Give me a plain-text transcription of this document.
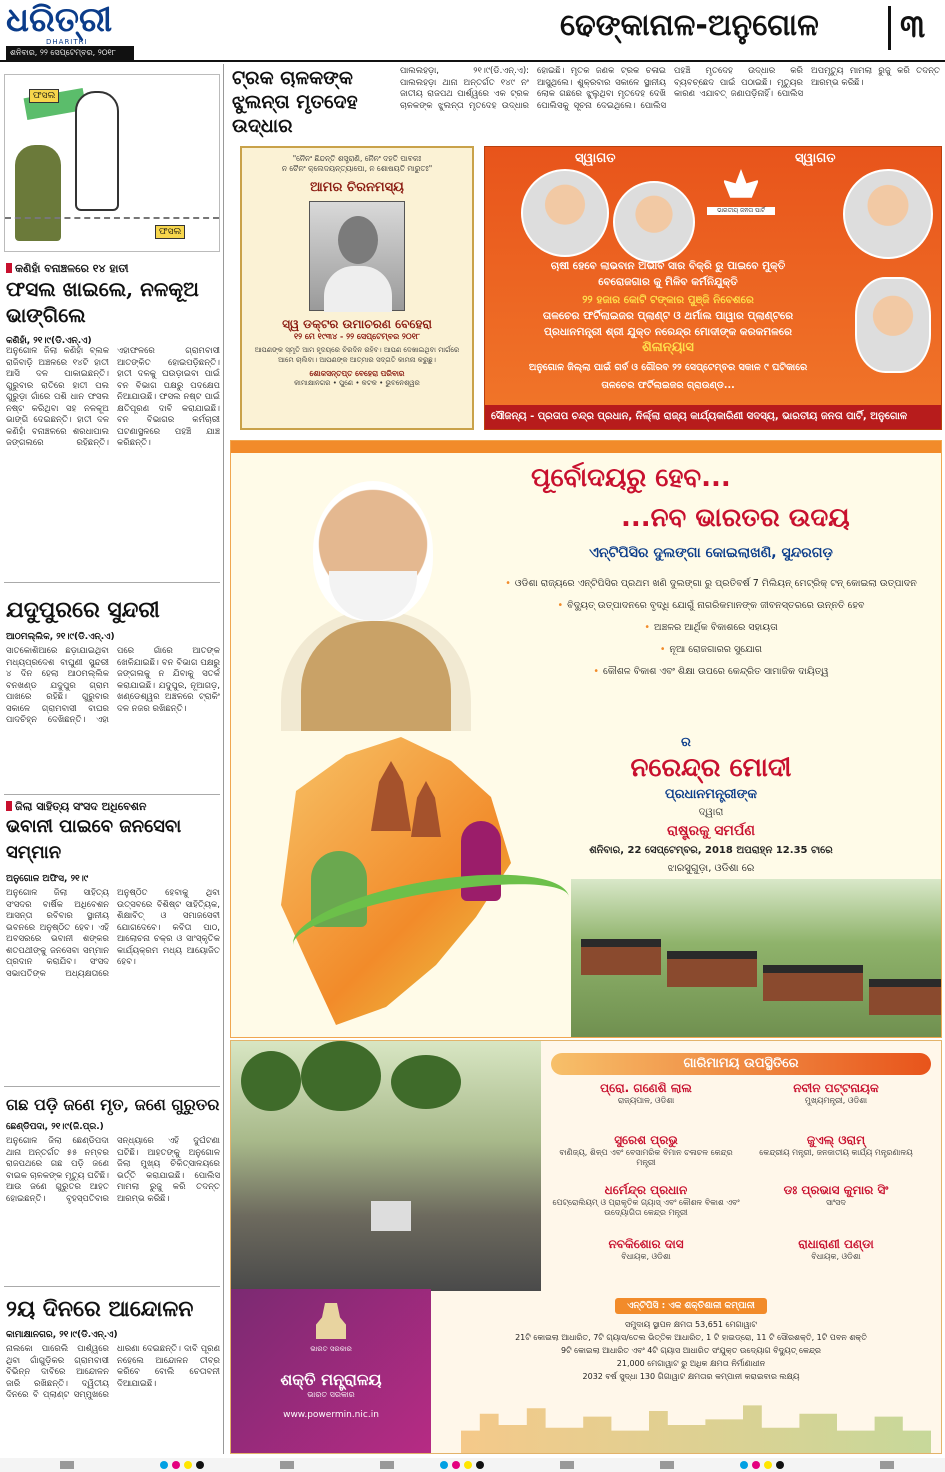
ଧରିତ୍ରୀ
DHARITRI
ଶନିବାର, ୨୨ ସେପ୍ଟେମ୍ବର, ୨୦୧୮
ଢେଙ୍କାନାଳ-ଅନୁଗୋଳ	୩
ଫସଲ
ଫସଲ
କଣିହାଁ ବନାଞ୍ଚଳରେ ୧୪ ହାତୀ
ଫସଲ ଖାଇଲେ, ନଳକୂଅ ଭାଙ୍ଗିଲେ
କଣିହାଁ, ୨୧।୯(ଡି.ଏନ୍.ଏ)
ଅନୁଗୋଳ ଜିଲା କଣିହାଁ ବ୍ଲକ ରାଜିବାଡ଼ି ଅଞ୍ଚଳରେ ୧୪ଟି ହାତୀ ଆସି ଦଳ ପାକାଇଛନ୍ତି। ଗୁରୁବାର ରାତିରେ ହାତୀ ପଲ ଗୁରୁଡ଼ା ଗାଁରେ ପଶି ଧାନ ଫସଲ ନଷ୍ଟ କରିଥିବା ସହ ନଳକୂଅ ଭାଙ୍ଗି ଦେଇଛନ୍ତି। ହାତୀ ଦଳ କଣିହାଁ ବନାଞ୍ଚଳରେ ଶରଧାପାଲ ଜଙ୍ଗଲରେ ରହିଛନ୍ତି। ଏହାଫଳରେ ଗ୍ରାମବାସୀ ଆତଙ୍କିତ ହୋଇପଡ଼ିଛନ୍ତି। ହାତୀ ଦଳକୁ ଘଉଡ଼ାଇବା ପାଇଁ ବନ ବିଭାଗ ପକ୍ଷରୁ ପଦକ୍ଷେପ ନିଆଯାଉଛି। ଫସଲ ନଷ୍ଟ ପାଇଁ କ୍ଷତିପୂରଣ ଦାବି କରାଯାଇଛି। ବନ ବିଭାଗର କର୍ମଚାରୀ ଘଟଣାସ୍ଥଳରେ ପହଞ୍ଚି ଯାଞ୍ଚ କରିଛନ୍ତି।
ଯଦୁପୁରରେ ସୁନ୍ଦରୀ
ଆଠମଲ୍ଲିକ, ୨୧।୯(ଡି.ଏନ୍.ଏ)
ସାତକୋଶିଆରେ ଛଡ଼ାଯାଇଥିବା ମଧ୍ୟପ୍ରଦେଶ ବାଘୁଣୀ ସୁନ୍ଦରୀ ୪ ଦିନ ହେଲା ଆଠମଲ୍ଲିକ ବନଖଣ୍ଡ ଯଦୁପୁର ଗ୍ରାମ ପାଖରେ ରହିଛି। ଗୁରୁବାର ସକାଳେ ଗ୍ରାମବାସୀ ବାଘର ପାଦଚିହ୍ନ ଦେଖିଛନ୍ତି। ଏହା ପରେ ଗାଁରେ ଆତଙ୍କ ଖେଳିଯାଇଛି। ବନ ବିଭାଗ ପକ୍ଷରୁ ଜଙ୍ଗଲକୁ ନ ଯିବାକୁ ସତର୍କ କରାଯାଇଛି। ଯଦୁପୁର, ନୂଆଗଡ଼, ଖଣ୍ଡେଶ୍ୱର ଅଞ୍ଚଳରେ ଟ୍ରାକିଂ ଦଳ ନଜର ରଖିଛନ୍ତି।
ଜିଲା ସାହିତ୍ୟ ସଂସଦ ଅଧିବେଶନ
ଭବାନୀ ପାଇବେ ଜନସେବା ସମ୍ମାନ
ଅନୁଗୋଳ ଅଫିସ, ୨୧।୯
ଅନୁଗୋଳ ଜିଲା ସାହିତ୍ୟ ସଂସଦର ବାର୍ଷିକ ଅଧିବେଶନ ଆସନ୍ତା ରବିବାର ସ୍ଥାନୀୟ ଭବନରେ ଅନୁଷ୍ଠିତ ହେବ। ଏହି ଅବସରରେ ଭବାନୀ ଶଙ୍କର ଶତପଥୀଙ୍କୁ ଜନସେବା ସମ୍ମାନ ପ୍ରଦାନ କରାଯିବ। ସଂସଦ ସଭାପତିଙ୍କ ଅଧ୍ୟକ୍ଷତାରେ ଅନୁଷ୍ଠିତ ହେବାକୁ ଥିବା ଉତ୍ସବରେ ବିଶିଷ୍ଟ ସାହିତ୍ୟିକ, ଶିକ୍ଷାବିତ୍ ଓ ସମାଜସେବୀ ଯୋଗଦେବେ। କବିତା ପାଠ, ଆଲୋଚନା ଚକ୍ର ଓ ସାଂସ୍କୃତିକ କାର୍ଯ୍ୟକ୍ରମ ମଧ୍ୟ ଆୟୋଜିତ ହେବ।
ଗଛ ପଡ଼ି ଜଣେ ମୃତ, ଜଣେ ଗୁରୁତର
ଛେଣ୍ଡିପଦା, ୨୧।୯(ଜି.ପ୍ର.)
ଅନୁଗୋଳ ଜିଲା ଛେଣ୍ଡିପଦା ଥାନା ଅନ୍ତର୍ଗତ ୫୫ ନମ୍ବର ରାଜପଥରେ ଗଛ ପଡ଼ି ଜଣେ ବାଇକ ଚାଳକଙ୍କ ମୃତ୍ୟୁ ଘଟିଛି। ଆଉ ଜଣେ ଗୁରୁତର ଆହତ ହୋଇଛନ୍ତି। ବୃହସ୍ପତିବାର ସନ୍ଧ୍ୟାରେ ଏହି ଦୁର୍ଘଟଣା ଘଟିଛି। ଆହତଙ୍କୁ ଅନୁଗୋଳ ଜିଲା ମୁଖ୍ୟ ଚିକିତ୍ସାଳୟରେ ଭର୍ତ୍ତି କରାଯାଇଛି। ପୋଲିସ ମାମଲା ରୁଜୁ କରି ତଦନ୍ତ ଆରମ୍ଭ କରିଛି।
୨ୟ ଦିନରେ ଆନ୍ଦୋଳନ
କାମାକ୍ଷାନଗର, ୨୧।୯(ଡି.ଏନ୍.ଏ)
ନାଲକୋ ପାରେଲି ପାର୍ଶ୍ୱରେ ଥିବା ଗାଁଗୁଡ଼ିକର ଗ୍ରାମବାସୀ ବିଭିନ୍ନ ଦାବିରେ ଆନ୍ଦୋଳନ ଜାରି ରଖିଛନ୍ତି। ଦ୍ୱିତୀୟ ଦିନରେ ବି ପ୍ଲାଣ୍ଟ ସମ୍ମୁଖରେ ଧାରଣା ଦେଇଛନ୍ତି। ଦାବି ପୂରଣ ନହେଲେ ଆନ୍ଦୋଳନ ତୀବ୍ର କରିବେ ବୋଲି ଚେତାବନୀ ଦିଆଯାଇଛି।
ଟ୍ରକ ଚାଳକଙ୍କ ଝୁଲନ୍ତା ମୃତଦେହ ଉଦ୍ଧାର
ପାଲଲହଡ଼ା, ୨୧।୯(ଡି.ଏନ୍.ଏ): ପାଲଲହଡ଼ା ଥାନା ଅନ୍ତର୍ଗତ ୧୪୯ ନଂ ଜାତୀୟ ରାଜପଥ ପାର୍ଶ୍ୱରେ ଏକ ଟ୍ରକ ଚାଳକଙ୍କ ଝୁଲନ୍ତା ମୃତଦେହ ଉଦ୍ଧାର ହୋଇଛି। ମୃତକ ଜଣକ ଟ୍ରକ ଚଳାଇ ଆସୁଥିଲେ। ଶୁକ୍ରବାର ସକାଳେ ସ୍ଥାନୀୟ ଲୋକ ଗଛରେ ଝୁଲୁଥିବା ମୃତଦେହ ଦେଖି ପୋଲିସକୁ ସୂଚନା ଦେଇଥିଲେ। ପୋଲିସ ପହଞ୍ଚି ମୃତଦେହ ଉଦ୍ଧାର କରି ବ୍ୟବଚ୍ଛେଦ ପାଇଁ ପଠାଇଛି। ମୃତ୍ୟୁର କାରଣ ଏଯାବତ୍ ଜଣାପଡ଼ିନାହିଁ। ପୋଲିସ ଅପମୃତ୍ୟୁ ମାମଲା ରୁଜୁ କରି ତଦନ୍ତ ଆରମ୍ଭ କରିଛି।
"ନୈନଂ ଛିନ୍ଦନ୍ତି ଶସ୍ତ୍ରାଣି, ନୈନଂ ଦହତି ପାବକଃ
ନ ଚୈନଂ କ୍ଲେଦୟନ୍ତ୍ୟାପୋ, ନ ଶୋଷୟତି ମାରୁତଃ"
ଆମର ଚିରନମସ୍ୟ
ସ୍ୱ ଡକ୍ଟର ଉମାଚରଣ ବେହେରା
୧୨ ମେ ୧୯୩୪ - ୨୨ ସେପ୍ଟେମ୍ବର ୨୦୧୮
ଆପଣଙ୍କ ସ୍ମୃତି ଆମ ହୃଦୟରେ ଚିରଦିନ ରହିବ। ଆପଣ ଦେଖାଇଥିବା ମାର୍ଗରେ ଆମେ ଚାଲିବା। ଆପଣଙ୍କ ଆତ୍ମାର ସଦ୍‌ଗତି କାମନା କରୁଛୁ।
ଶୋକସନ୍ତପ୍ତ ବେହେରା ପରିବାର
କାମାକ୍ଷାନଗର • ପୁଣେ • କଟକ • ଭୁବନେଶ୍ୱର
ସ୍ୱାଗତ	ସ୍ୱାଗତ
ଭାରତୀୟ ଜନତା ପାର୍ଟି
ଚାଷୀ ହେବେ ଲାଭବାନ ଅଭାବି ସାର ବିକ୍ରି ରୁ ପାଇବେ ମୁକ୍ତି
ବେରୋଜଗାର କୁ ମିଳିବ କର୍ମନିଯୁକ୍ତି
୨୨ ହଜାର କୋଟି ଟଙ୍କାର ପୁଞ୍ଜି ନିବେଶରେ
ତାଳଚେର ଫର୍ଟିଲାଇଜର ପ୍ଲାଣ୍ଟ ଓ ଥର୍ମାଲ ପାୱାର ପ୍ଲାଣ୍ଟରେ
ପ୍ରଧାନମନ୍ତ୍ରୀ ଶ୍ରୀ ଯୁକ୍ତ ନରେନ୍ଦ୍ର ମୋଦୀଙ୍କ କରକମଳରେ
ଶିଳାନ୍ୟାସ
ଅନୁଗୋଳ ଜିଲ୍ଲା ପାଇଁ ଗର୍ବ ଓ ଗୌରବ ୨୨ ସେପ୍ଟେମ୍ବର ସକାଳ ୯ ଘଟିକାରେ
ତାଳଚେର ଫର୍ଟିଲାଇଜର ଗ୍ରାଉଣ୍ଡ...
ସୌଜନ୍ୟ - ପ୍ରତାପ ଚନ୍ଦ୍ର ପ୍ରଧାନ, ନିର୍ଲ୍ଲା ରାଜ୍ୟ କାର୍ଯ୍ୟକାରିଣୀ ସଦସ୍ୟ, ଭାରତୀୟ ଜନତା ପାର୍ଟି, ଅନୁଗୋଳ
ପୂର୍ବୋଦୟରୁ ହେବ...
...ନବ ଭାରତର ଉଦୟ
ଏନ୍‌ଟିପିସିର ଦୁଲଙ୍ଗା କୋଇଲାଖଣି, ସୁନ୍ଦରଗଡ଼
• ଓଡିଶା ରାଜ୍ୟରେ ଏନ୍‌ଟିପିସିର ପ୍ରଥମ ଖଣି ଦୁଲଙ୍ଗା ରୁ ପ୍ରତିବର୍ଷ 7 ମିଲିୟନ୍ ମେଟ୍ରିକ୍ ଟନ୍ କୋଇଲା ଉତ୍ପାଦନ
• ବିଦ୍ୟୁତ୍ ଉତ୍ପାଦନରେ ବୃଦ୍ଧି ଯୋଗୁଁ ନାଗରିକମାନଙ୍କ ଜୀବନସ୍ତରରେ ଉନ୍ନତି ହେବ
• ଅଞ୍ଚଳର ଆର୍ଥିକ ବିକାଶରେ ସହାୟତା
• ନୂଆ ରୋଜଗାରର ସୁଯୋଗ
• କୌଶଳ ବିକାଶ ଏବଂ ଶିକ୍ଷା ଉପରେ କେନ୍ଦ୍ରିତ ସାମାଜିକ ଦାୟିତ୍ୱ
ର
ନରେନ୍ଦ୍ର ମୋଦୀ
ପ୍ରଧାନମନ୍ତ୍ରୀଙ୍କ
ଦ୍ୱାରା
ରାଷ୍ଟ୍ରକୁ ସମର୍ପଣ
ଶନିବାର, 22 ସେପ୍ଟେମ୍ବର, 2018 ଅପରାହ୍ନ 12.35 ଟାରେ
ଝାରସୁଗୁଡ଼ା, ଓଡିଶା ରେ
ଗାରିମାମୟ ଉପସ୍ଥିତିରେ
ପ୍ରୋ. ଗଣେଶି ଲାଲ
ରାଜ୍ୟପାଳ, ଓଡିଶା
ନବୀନ ପଟ୍ଟନାୟକ
ମୁଖ୍ୟମନ୍ତ୍ରୀ, ଓଡିଶା
ସୁରେଶ ପ୍ରଭୁ
ବାଣିଜ୍ୟ, ଶିଳ୍ପ ଏବଂ ବେସାମରିକ ବିମାନ ଚଳାଚଳ କେନ୍ଦ୍ର ମନ୍ତ୍ରୀ
ଜୁଏଲ୍ ଓରାମ୍
କେନ୍ଦ୍ରୀୟ ମନ୍ତ୍ରୀ, ଜନଜାତୀୟ କାର୍ଯ୍ୟ ମନ୍ତ୍ରଣାଳୟ
ଧର୍ମେନ୍ଦ୍ର ପ୍ରଧାନ
ପେଟ୍ରୋଲିୟମ୍ ଓ ପ୍ରାକୃତିକ ଗ୍ୟାସ୍ ଏବଂ କୌଶଳ ବିକାଶ ଏବଂ ଉଦ୍ୟୋଗିତା କେନ୍ଦ୍ର ମନ୍ତ୍ରୀ
ଡଃ ପ୍ରଭାସ କୁମାର ସିଂ
ସାଂସଦ
ନବକିଶୋର ଦାସ
ବିଧାୟକ, ଓଡିଶା
ରାଧାରାଣୀ ପଣ୍ଡା
ବିଧାୟକ, ଓଡିଶା
ଭାରତ ସରକାର
ଶକ୍ତି ମନ୍ତ୍ରାଳୟ
ଭାରତ ସରକାର
www.powermin.nic.in
ଏନ୍‌ଟିପିସି : ଏକ ଶକ୍ତିଶାଳୀ କମ୍ପାନୀ
ସମୁଦାୟ ସ୍ଥାପନ କ୍ଷମତା 53,651 ମେଗାୱାଟ
21ଟି କୋଇଲା ଆଧାରିତ, 7ଟି ଗ୍ୟାସ/ତେଲ ଭିତ୍ତିକ ଆଧାରିତ, 1 ଟି ହାଇଡ୍ରୋ, 11 ଟି ସୌରଶକ୍ତି, 1ଟି ପବନ ଶକ୍ତି
9ଟି କୋଇଲା ଆଧାରିତ ଏବଂ 4ଟି ଗ୍ୟାସ ଆଧାରିତ ସଂଯୁକ୍ତ ଉଦ୍ୟୋଗ ବିଦ୍ୟୁତ୍ କେନ୍ଦ୍ର
21,000 ମେଗାୱାଟ ରୁ ଅଧିକ କ୍ଷମତା ନିର୍ମାଣାଧୀନ
2032 ବର୍ଷ ସୁଦ୍ଧା 130 ଗିଗାୱାଟ କ୍ଷମତାର କମ୍ପାନୀ କରାଇବାର ଲକ୍ଷ୍ୟ
